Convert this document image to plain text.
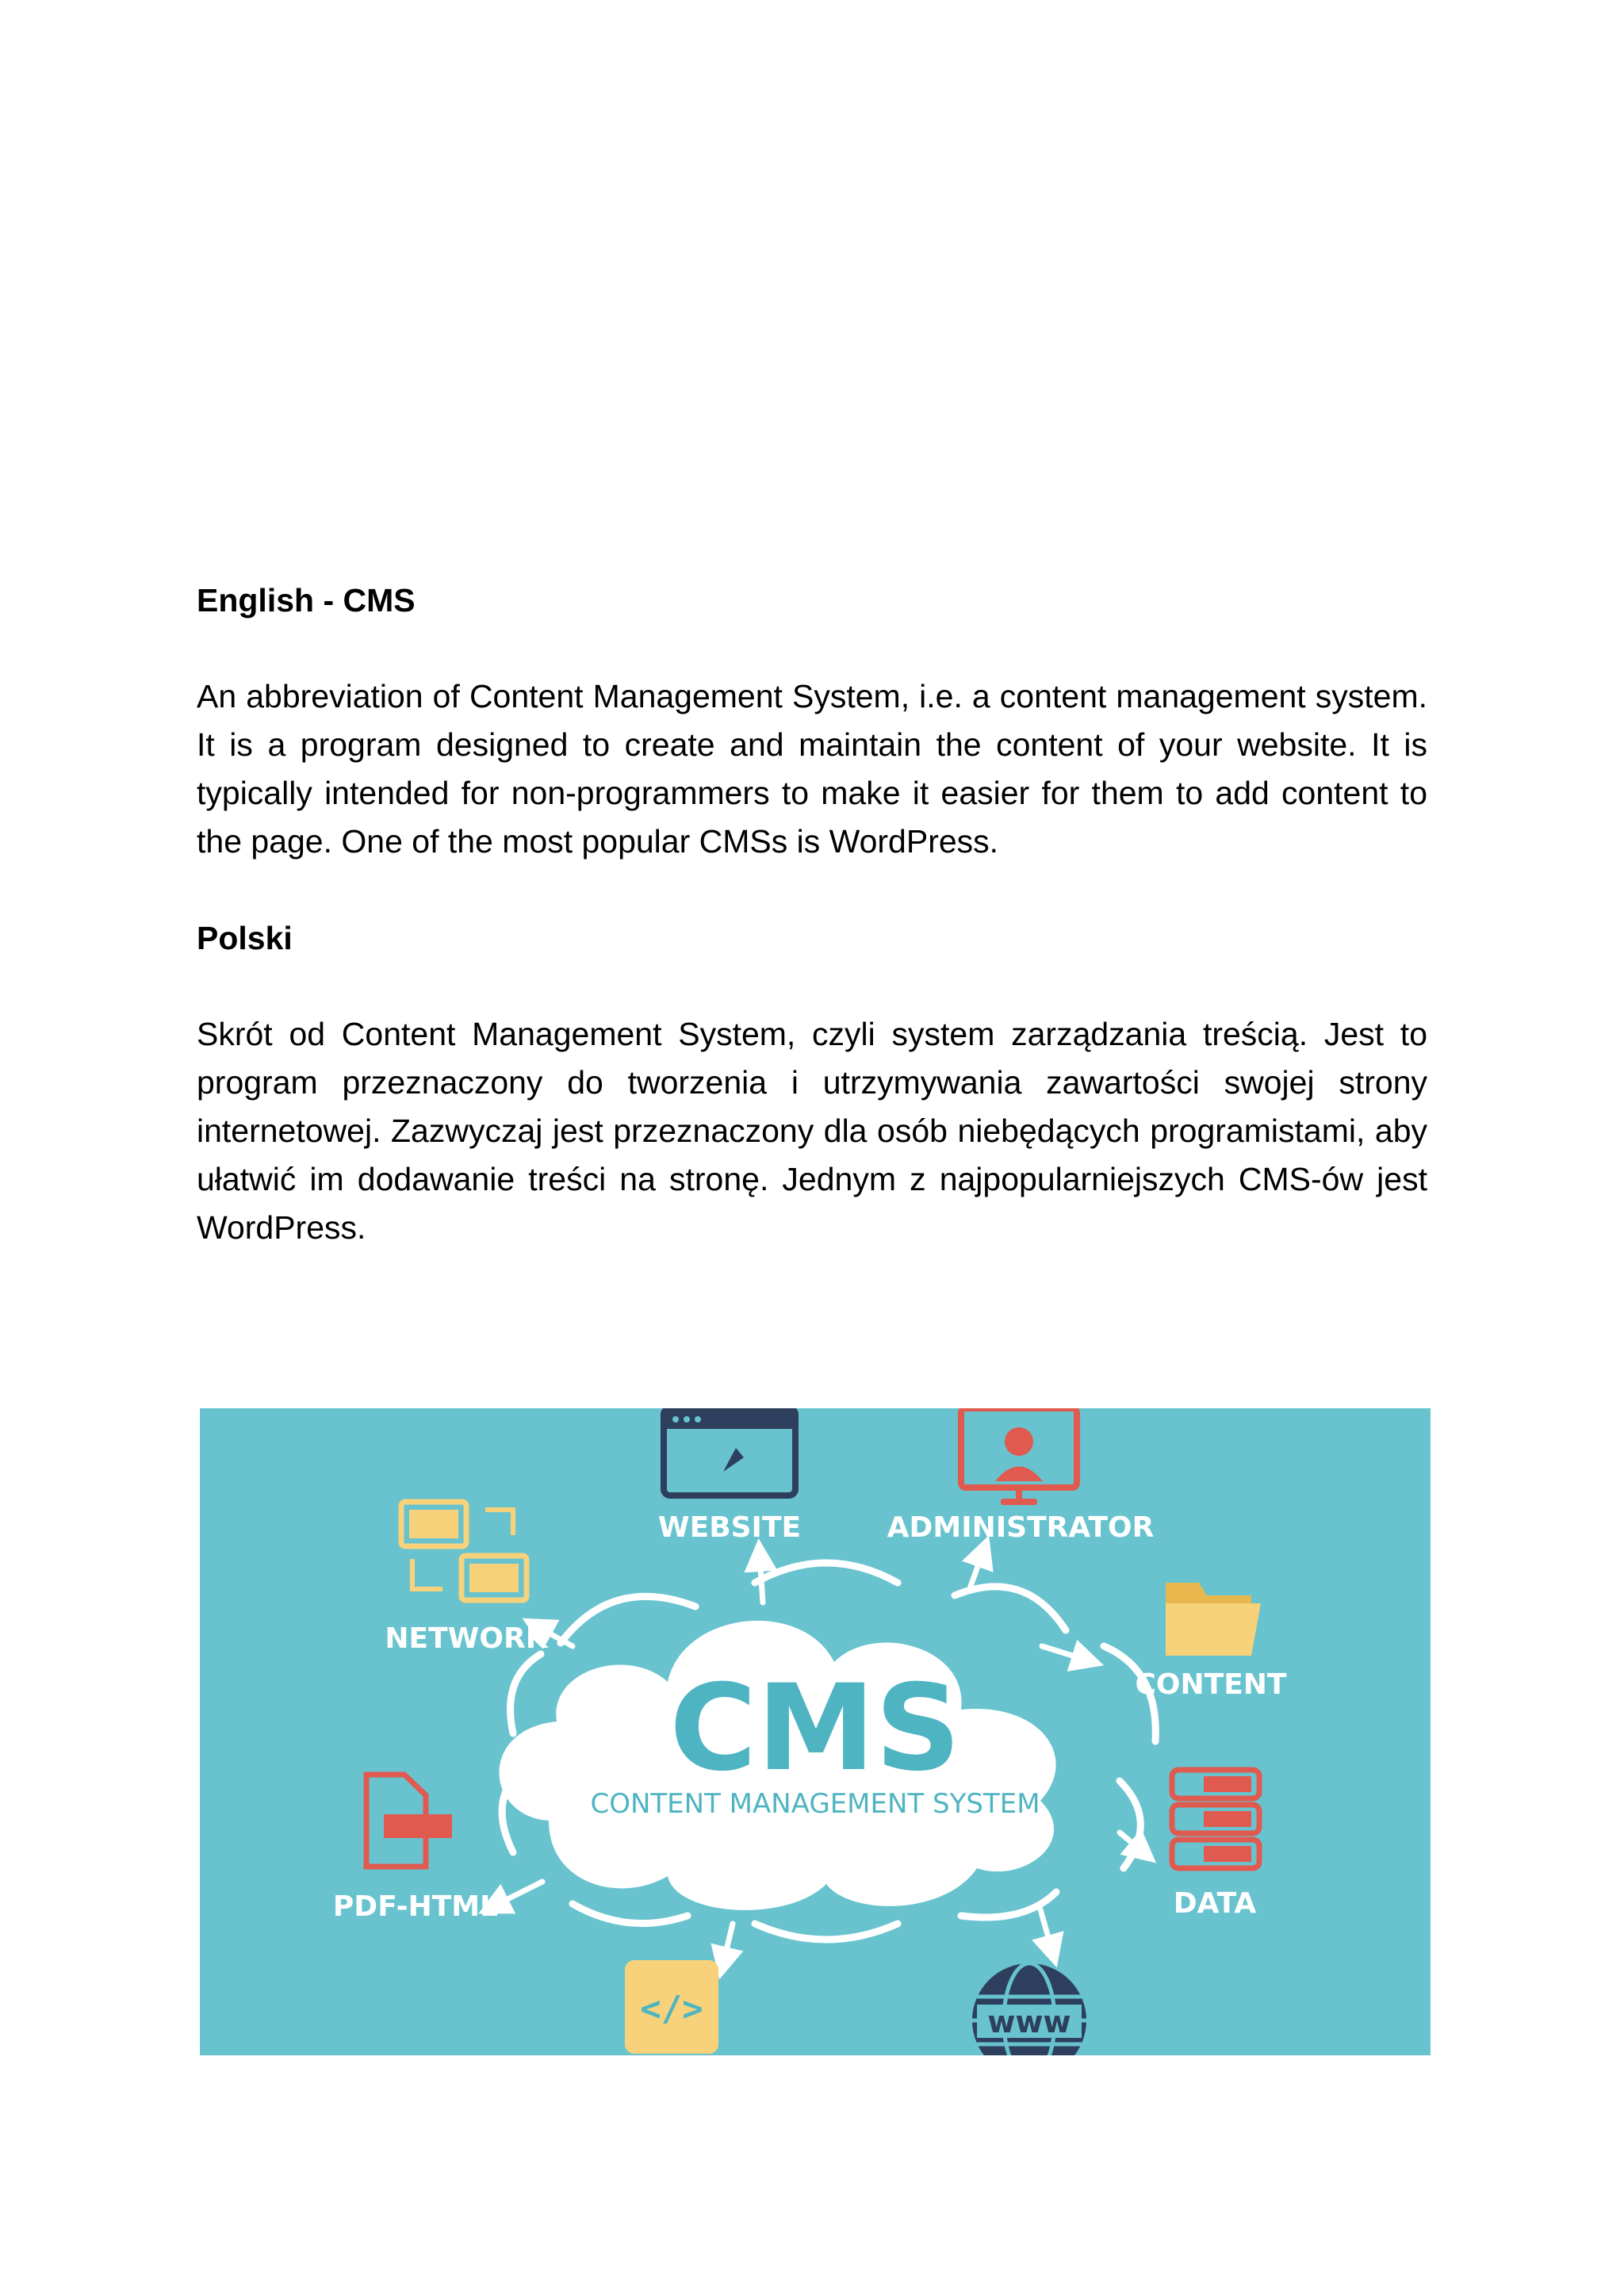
English - CMS

An abbreviation of Content Management System, i.e. a content management system. It is a program designed to create and maintain the content of your website. It is typically intended for non-programmers to make it easier for them to add content to the page. One of the most popular CMSs is WordPress.

Polski

Skrót od Content Management System, czyli system zarządzania treścią. Jest to program przeznaczony do tworzenia i utrzymywania zawartości swojej strony internetowej. Zazwyczaj jest przeznaczony dla osób niebędących programistami, aby ułatwić im dodawanie treści na stronę. Jednym z najpopularniejszych CMS-ów jest WordPress.

CMS
CONTENT MANAGEMENT SYSTEM
WEBSITE	ADMINISTRATOR
NETWORK
CONTENT
PDF-HTML	DATA
</>	www
